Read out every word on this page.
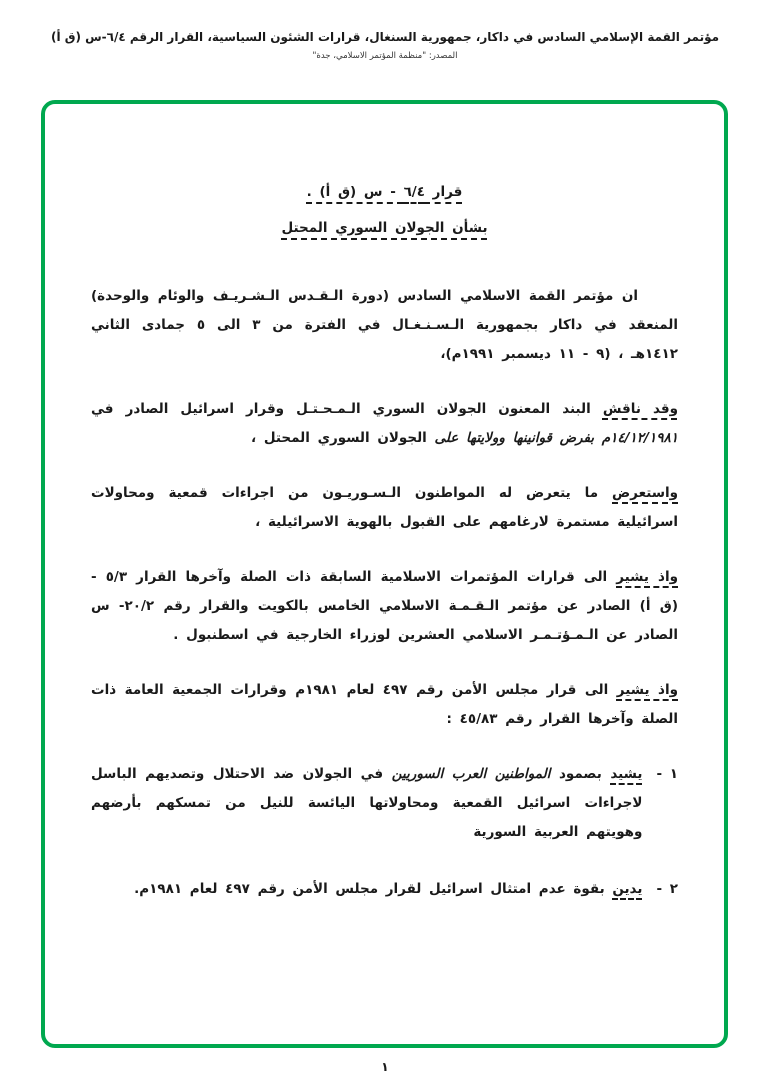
مؤتمر القمة الإسلامي السادس في داكار، جمهورية السنغال، قرارات الشئون السياسية، القرار الرقم ٦/٤-س (ق أ)
المصدر: "منظمة المؤتمر الاسلامي، جدة"
قرار ٦/٤ - س (ق أ) .
بشأن الجولان السوري المحتل

ان مؤتمر القمة الاسلامي السادس (دورة الـقـدس الـشـريـف والوئام والوحدة) المنعقد في داكار بجمهورية الـسـنـغـال في الفترة من ٣ الى ٥ جمادى الثاني ١٤١٢هـ ، (٩ - ١١ ديسمبر ١٩٩١م)،

وقد ناقش البند المعنون الجولان السوري الـمـحـتـل وقرار اسرائيل الصادر في ١٤/١٢/١٩٨١م بفرض قوانينها وولايتها على الجولان السوري المحتل ،

واستعرض ما يتعرض له المواطنون الـسـوريـون من اجراءات قمعية ومحاولات اسرائيلية مستمرة لارغامهم على القبول بالهوية الاسرائيلية ،

واذ يشير الى قرارات المؤتمرات الاسلامية السابقة ذات الصلة وآخرها القرار ٥/٣ - (ق أ) الصادر عن مؤتمر الـقـمـة الاسلامي الخامس بالكويت والقرار رقم ٢٠/٢- س الصادر عن الـمـؤتـمـر الاسلامي العشرين لوزراء الخارجية في اسطنبول .

واذ يشير الى قرار مجلس الأمن رقم ٤٩٧ لعام ١٩٨١م وقرارات الجمعية العامة ذات الصلة وآخرها القرار رقم ٤٥/٨٣ :

١ -

يشيد بصمود المواطنين العرب السوريين في الجولان ضد الاحتلال وتصديهم الباسل لاجراءات اسرائيل القمعية ومحاولاتها اليائسة للنيل من تمسكهم بأرضهم وهويتهم العربية السورية

٢ -

يدين بقوة عدم امتثال اسرائيل لقرار مجلس الأمن رقم ٤٩٧ لعام ١٩٨١م.

١
